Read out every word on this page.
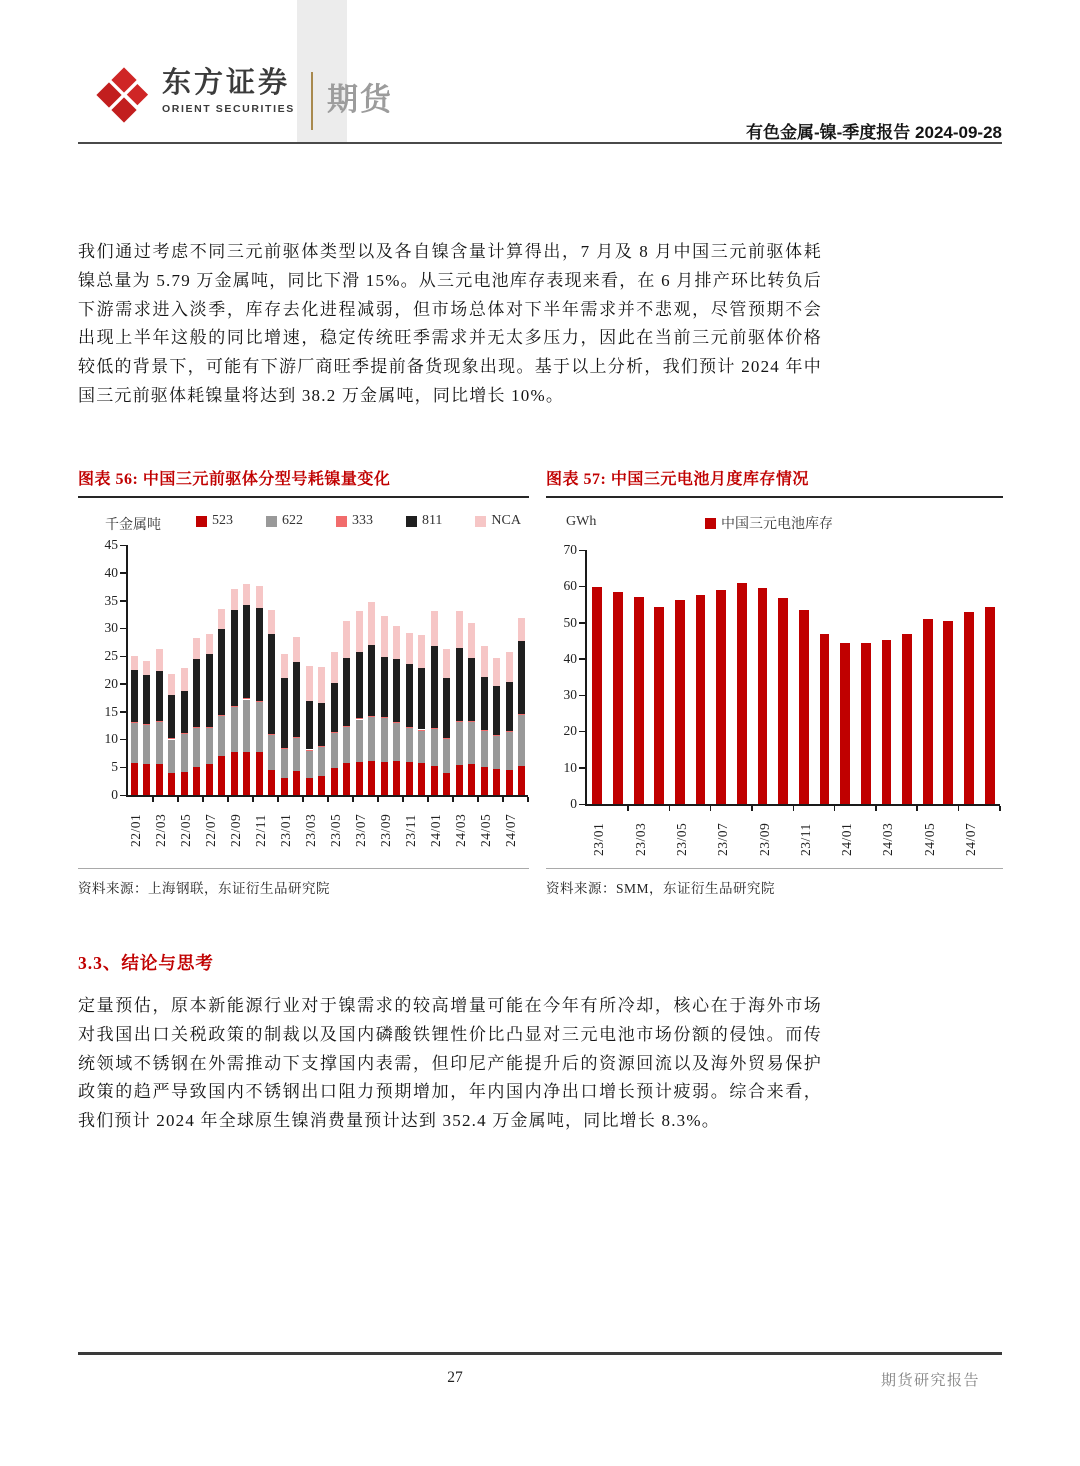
东方证券
ORIENT SECURITIES 期货
有色金属-镍-季度报告 2024-09-28
我们通过考虑不同三元前驱体类型以及各自镍含量计算得出，7 月及 8 月中国三元前驱体耗镍总量为 5.79 万金属吨，同比下滑 15%。从三元电池库存表现来看，在 6 月排产环比转负后下游需求进入淡季，库存去化进程减弱，但市场总体对下半年需求并不悲观，尽管预期不会出现上半年这般的同比增速，稳定传统旺季需求并无太多压力，因此在当前三元前驱体价格较低的背景下，可能有下游厂商旺季提前备货现象出现。基于以上分析，我们预计 2024 年中国三元前驱体耗镍量将达到 38.2 万金属吨，同比增长 10%。
图表 56: 中国三元前驱体分型号耗镍量变化
千金属吨	523	622	333	811	NCA
0
5
10
15
20
25
30
35
40
45
22/01 22/03 22/05 22/07 22/09 22/11 23/01 23/03 23/05 23/07 23/09 23/11 24/01 24/03 24/05 24/07
资料来源：上海钢联，东证衍生品研究院
图表 57: 中国三元电池月度库存情况
GWh	中国三元电池库存
0
10
20
30
40
50
60
70
23/01 23/03 23/05 23/07 23/09 23/11 24/01 24/03 24/05 24/07
资料来源：SMM，东证衍生品研究院
3.3、结论与思考
定量预估，原本新能源行业对于镍需求的较高增量可能在今年有所冷却，核心在于海外市场对我国出口关税政策的制裁以及国内磷酸铁锂性价比凸显对三元电池市场份额的侵蚀。而传统领域不锈钢在外需推动下支撑国内表需，但印尼产能提升后的资源回流以及海外贸易保护政策的趋严导致国内不锈钢出口阻力预期增加，年内国内净出口增长预计疲弱。综合来看，我们预计 2024 年全球原生镍消费量预计达到 352.4 万金属吨，同比增长 8.3%。
27	期货研究报告
